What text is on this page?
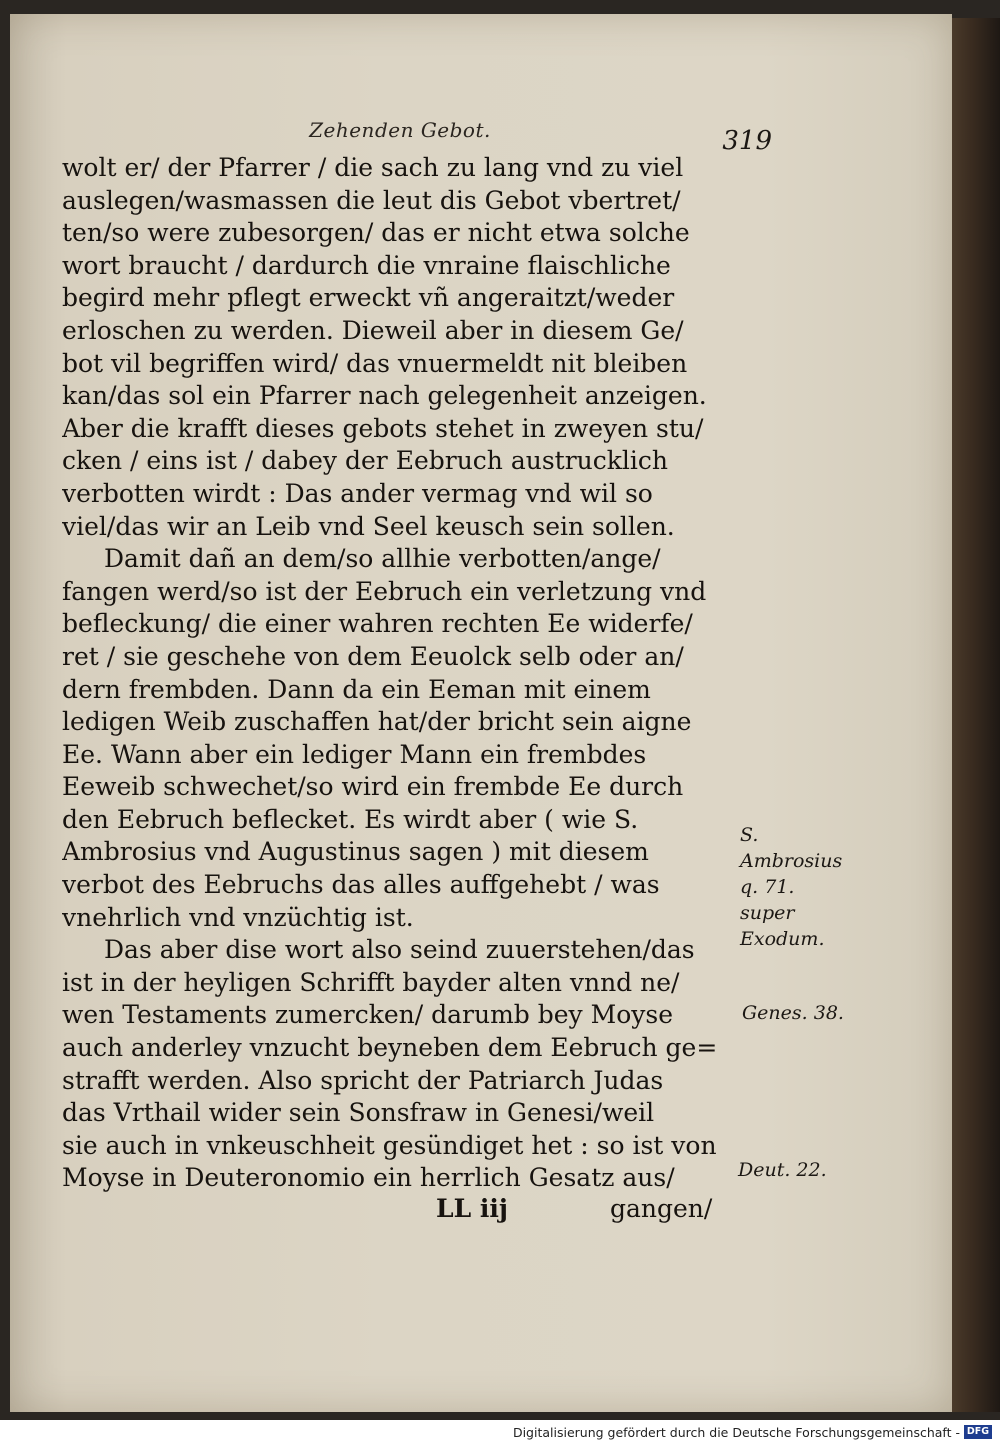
Zehenden Gebot.	319
wolt er/ der Pfarrer / die sach zu lang vnd zu viel
auslegen/wasmassen die leut dis Gebot vbertret/
ten/so were zubesorgen/ das er nicht etwa solche
wort braucht / dardurch die vnraine flaischliche
begird mehr pflegt erweckt vñ angeraitzt/weder
erloschen zu werden. Dieweil aber in diesem Ge/
bot vil begriffen wird/ das vnuermeldt nit bleiben
kan/das sol ein Pfarrer nach gelegenheit anzeigen.
Aber die krafft dieses gebots stehet in zweyen stu/
cken / eins ist / dabey der Eebruch austrucklich
verbotten wirdt : Das ander vermag vnd wil so
viel/das wir an Leib vnd Seel keusch sein sollen.
Damit dañ an dem/so allhie verbotten/ange/
fangen werd/so ist der Eebruch ein verletzung vnd
befleckung/ die einer wahren rechten Ee widerfe/
ret / sie geschehe von dem Eeuolck selb oder an/
dern frembden. Dann da ein Eeman mit einem
ledigen Weib zuschaffen hat/der bricht sein aigne
Ee. Wann aber ein lediger Mann ein frembdes
Eeweib schwechet/so wird ein frembde Ee durch
den Eebruch beflecket. Es wirdt aber ( wie S.
Ambrosius vnd Augustinus sagen ) mit diesem
verbot des Eebruchs das alles auffgehebt / was
vnehrlich vnd vnzüchtig ist.
Das aber dise wort also seind zuuerstehen/das
ist in der heyligen Schrifft bayder alten vnnd ne/
wen Testaments zumercken/ darumb bey Moyse
auch anderley vnzucht beyneben dem Eebruch ge=
strafft werden. Also spricht der Patriarch Judas
das Vrthail wider sein Sonsfraw in Genesi/weil
sie auch in vnkeuschheit gesündiget het : so ist von
Moyse in Deuteronomio ein herrlich Gesatz aus/
S. Ambrosius q. 71. super Exodum.
Genes. 38.
Deut. 22.
LL iij	gangen/
Digitalisierung gefördert durch die Deutsche Forschungsgemeinschaft - DFG
